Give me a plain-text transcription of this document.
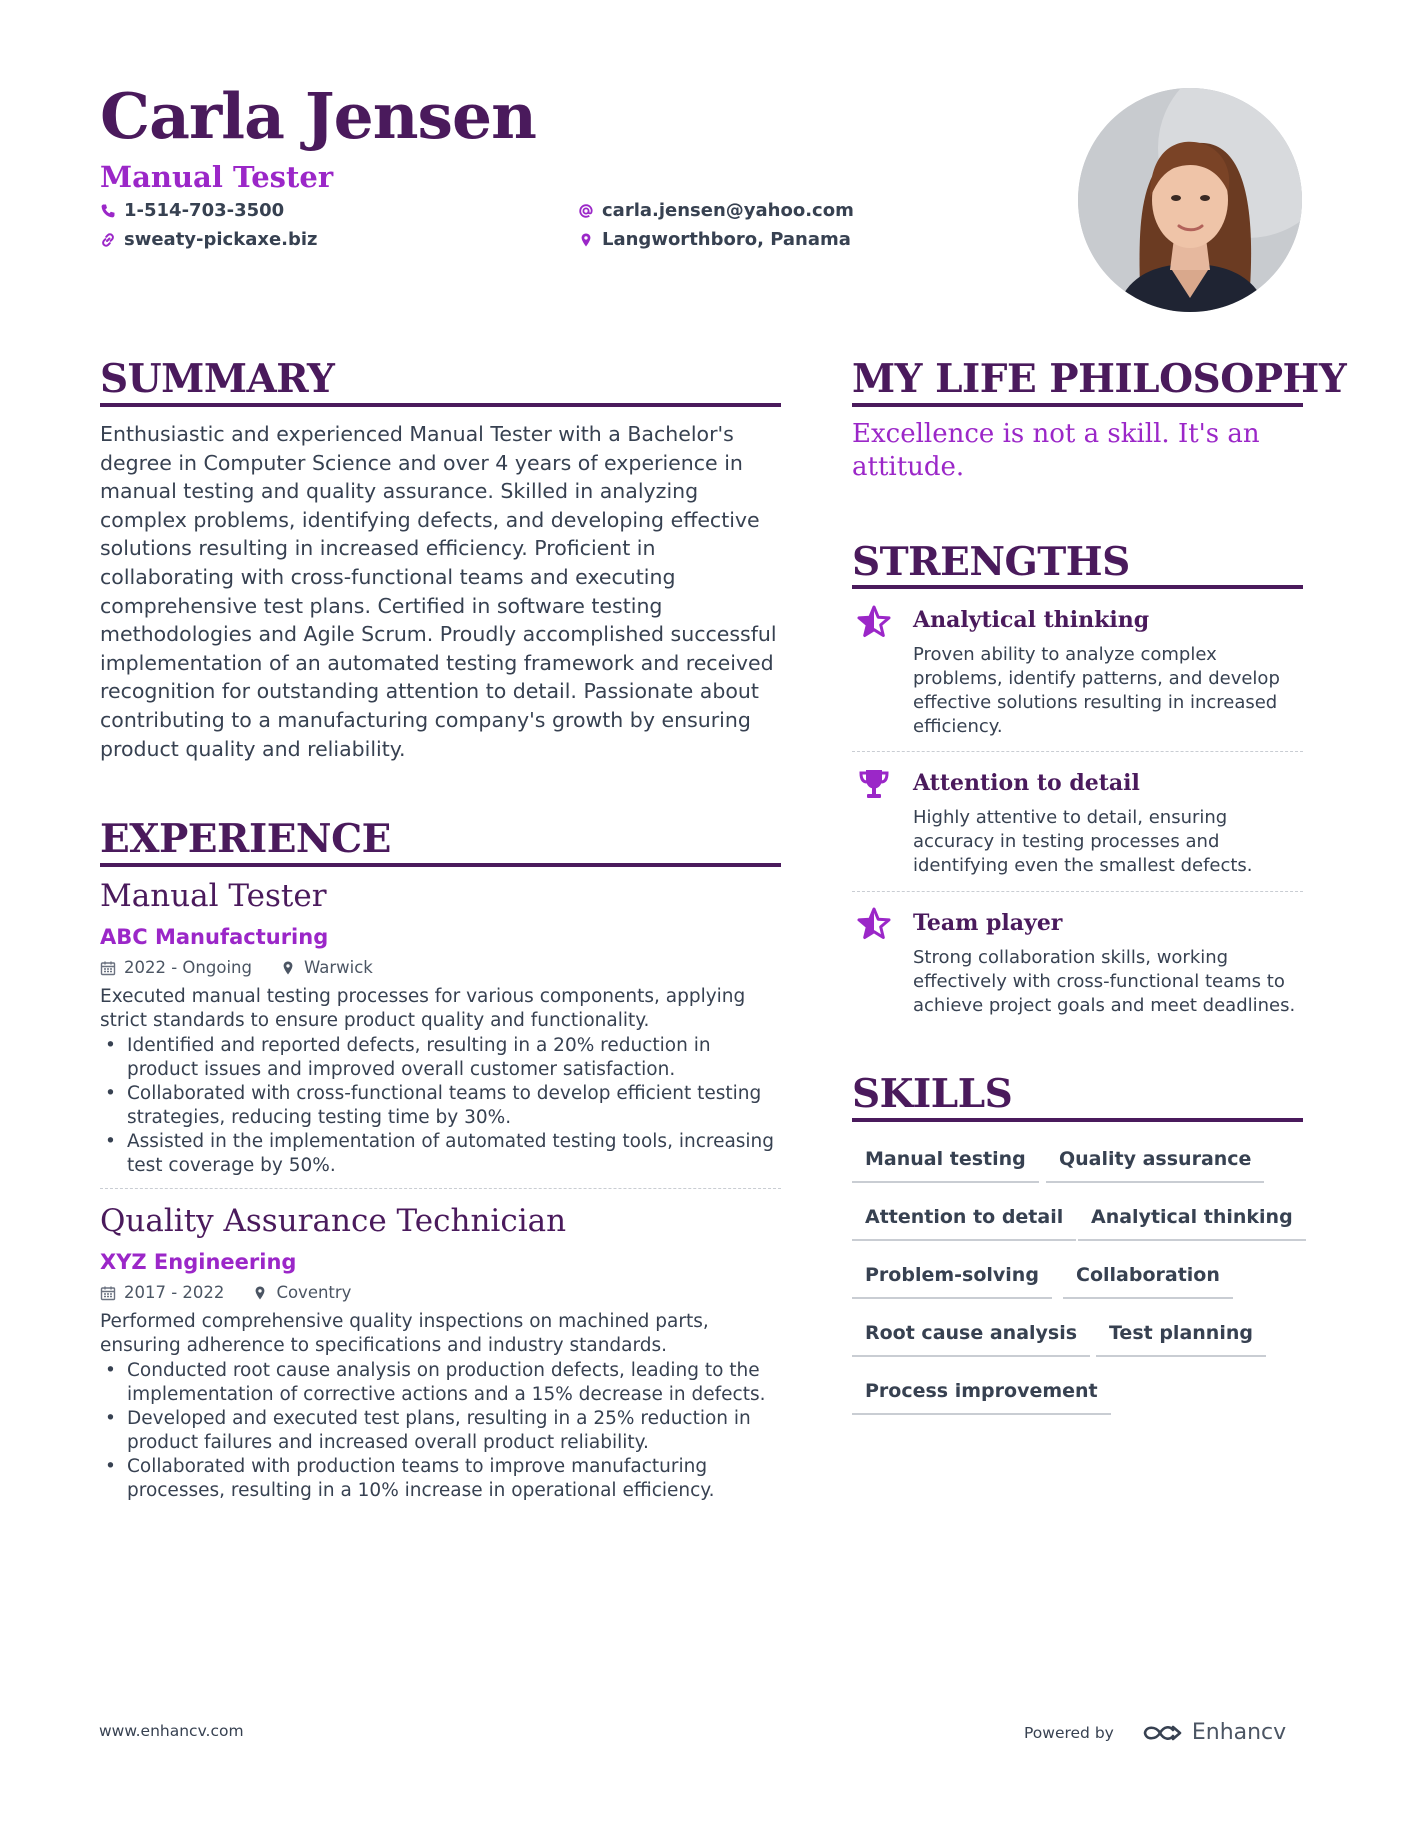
Carla Jensen
Manual Tester
1-514-703-3500
sweaty-pickaxe.biz
carla.jensen@yahoo.com
Langworthboro, Panama
SUMMARY
Enthusiastic and experienced Manual Tester with a Bachelor's degree in Computer Science and over 4 years of experience in manual testing and quality assurance. Skilled in analyzing complex problems, identifying defects, and developing effective solutions resulting in increased efficiency. Proficient in collaborating with cross-functional teams and executing comprehensive test plans. Certified in software testing methodologies and Agile Scrum. Proudly accomplished successful implementation of an automated testing framework and received recognition for outstanding attention to detail. Passionate about contributing to a manufacturing company's growth by ensuring product quality and reliability.
EXPERIENCE
Manual Tester
ABC Manufacturing
2022 - Ongoing	Warwick
Executed manual testing processes for various components, applying strict standards to ensure product quality and functionality.
• Identified and reported defects, resulting in a 20% reduction in product issues and improved overall customer satisfaction.
• Collaborated with cross-functional teams to develop efficient testing strategies, reducing testing time by 30%.
• Assisted in the implementation of automated testing tools, increasing test coverage by 50%.
Quality Assurance Technician
XYZ Engineering
2017 - 2022	Coventry
Performed comprehensive quality inspections on machined parts, ensuring adherence to specifications and industry standards.
• Conducted root cause analysis on production defects, leading to the implementation of corrective actions and a 15% decrease in defects.
• Developed and executed test plans, resulting in a 25% reduction in product failures and increased overall product reliability.
• Collaborated with production teams to improve manufacturing processes, resulting in a 10% increase in operational efficiency.
MY LIFE PHILOSOPHY
Excellence is not a skill. It's an attitude.
STRENGTHS
Analytical thinking
Proven ability to analyze complex problems, identify patterns, and develop effective solutions resulting in increased efficiency.
Attention to detail
Highly attentive to detail, ensuring accuracy in testing processes and identifying even the smallest defects.
Team player
Strong collaboration skills, working effectively with cross-functional teams to achieve project goals and meet deadlines.
SKILLS
Manual testing	Quality assurance
Attention to detail	Analytical thinking
Problem-solving	Collaboration
Root cause analysis	Test planning
Process improvement
www.enhancv.com	Powered by	Enhancv
